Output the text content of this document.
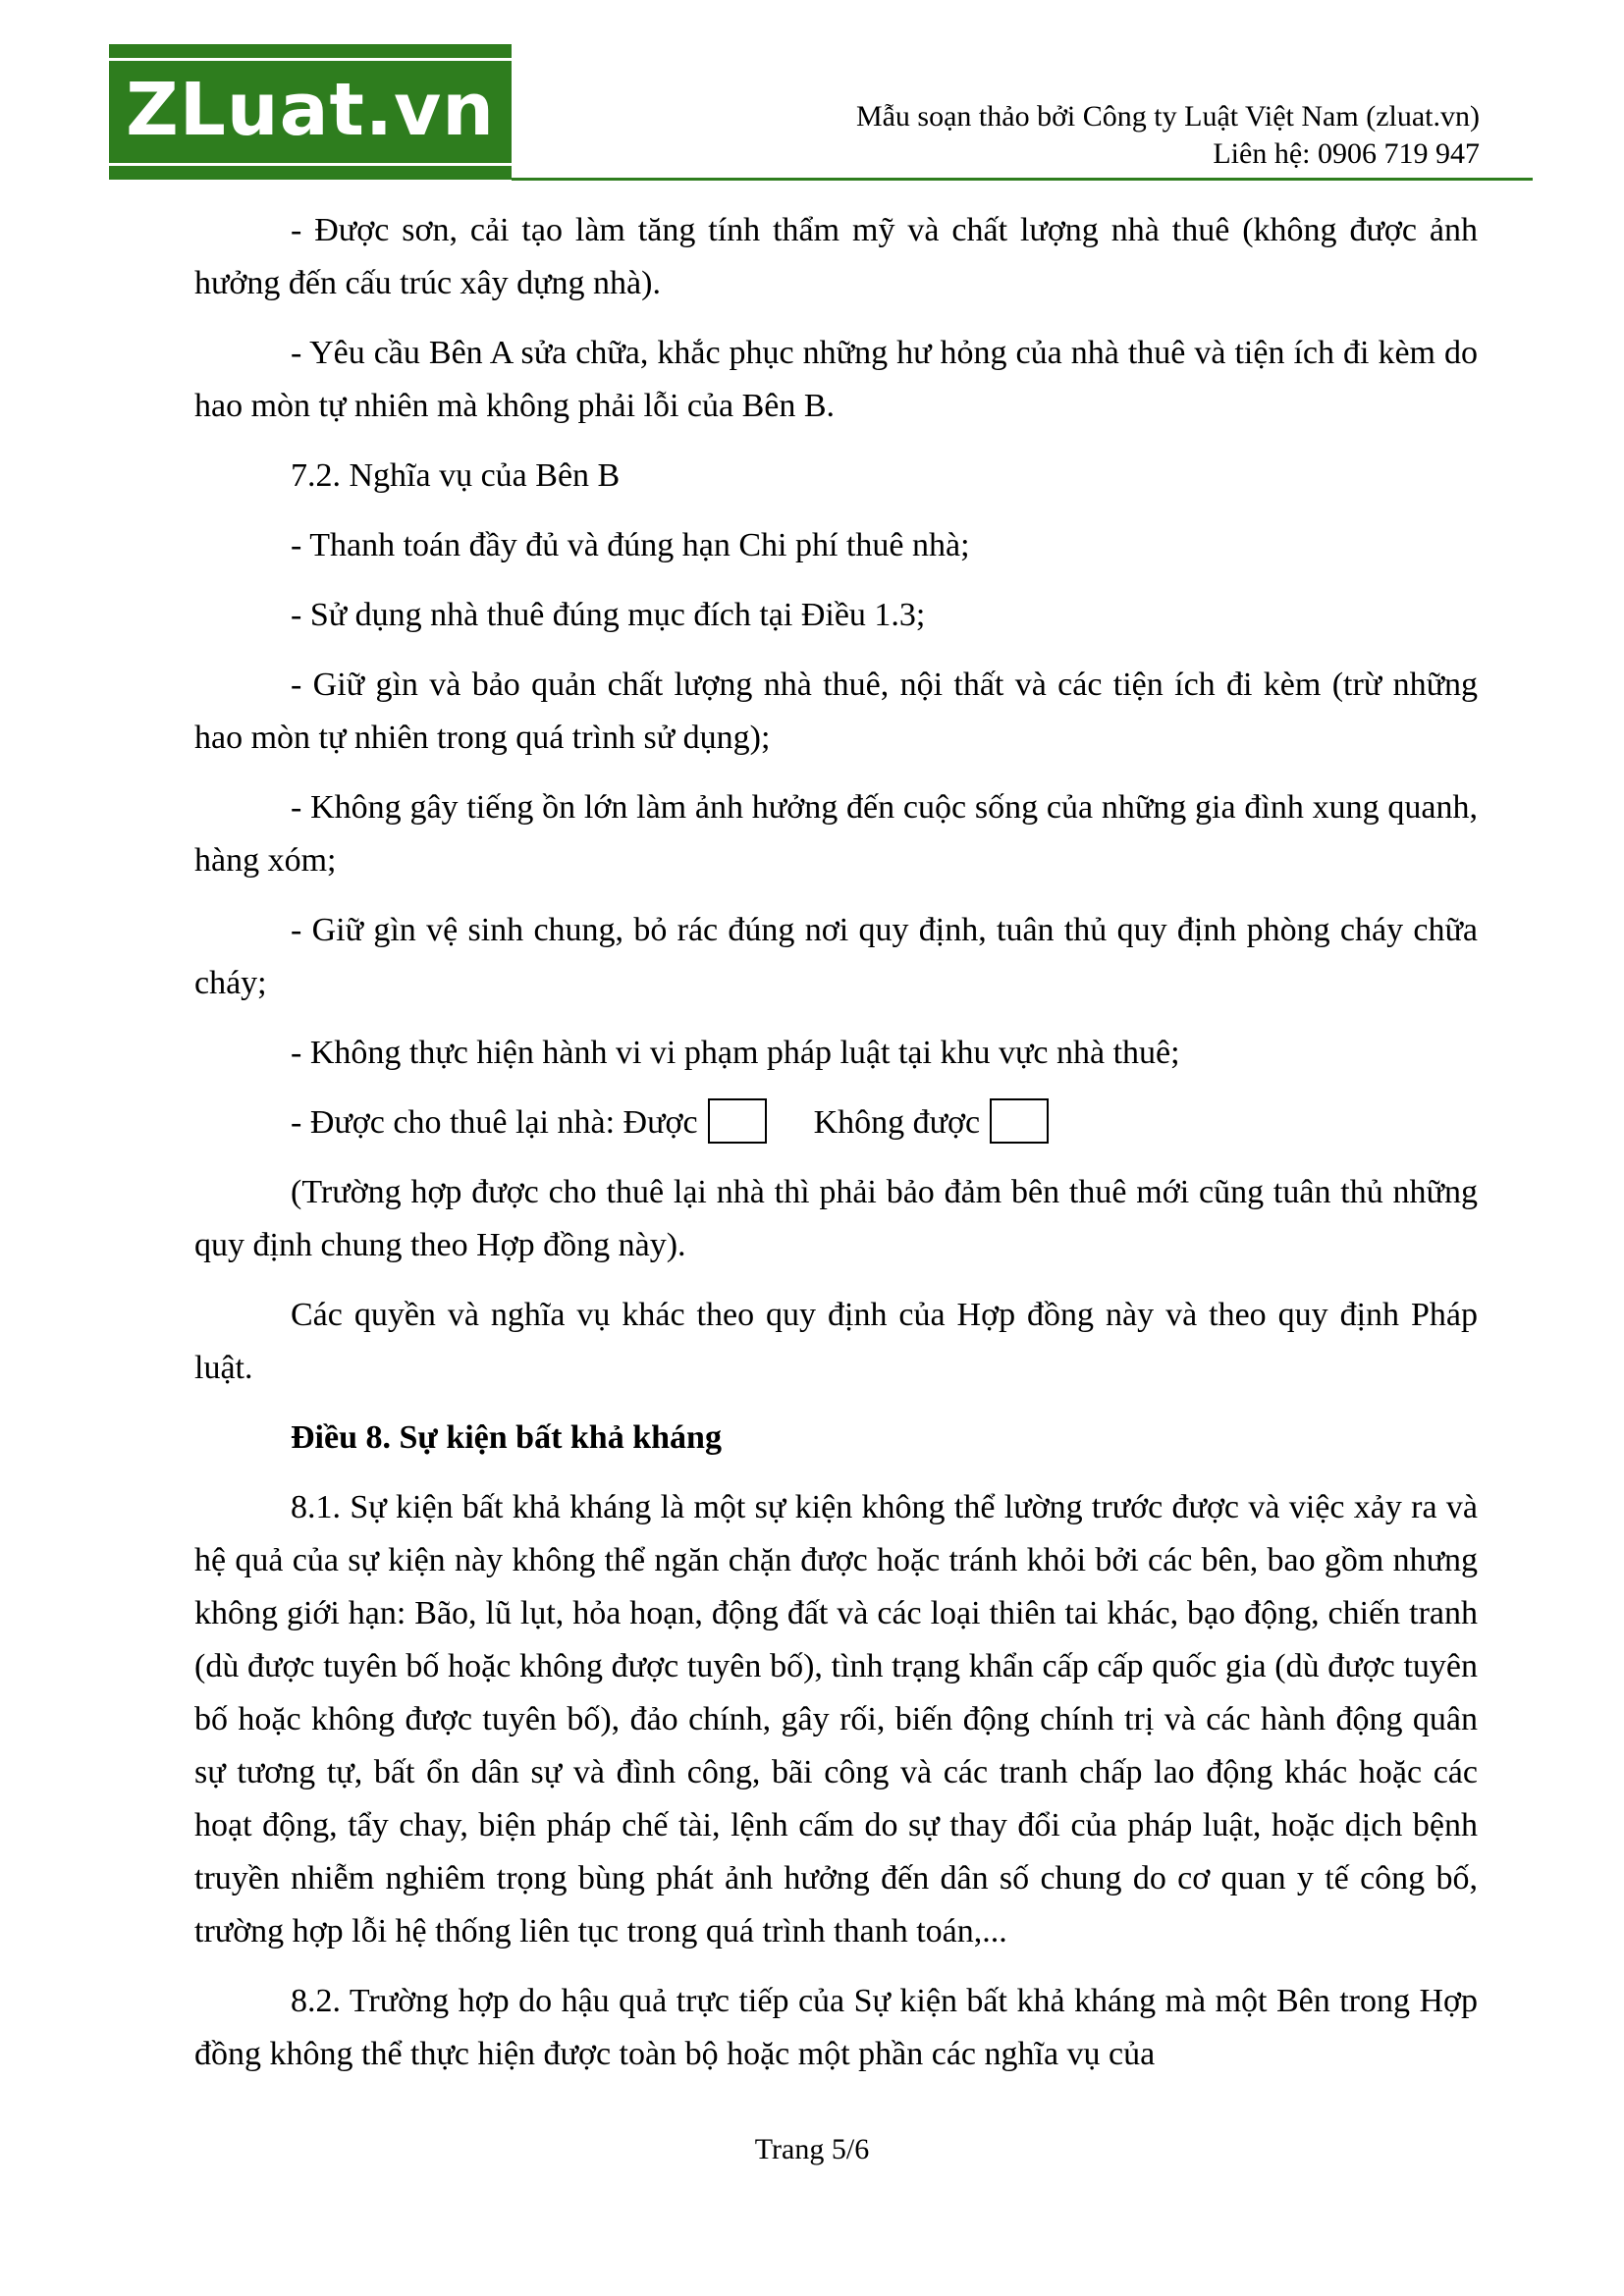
ZLuat.vn	Mẫu soạn thảo bởi Công ty Luật Việt Nam (zluat.vn)
Liên hệ: 0906 719 947

- Được sơn, cải tạo làm tăng tính thẩm mỹ và chất lượng nhà thuê (không được ảnh hưởng đến cấu trúc xây dựng nhà).

- Yêu cầu Bên A sửa chữa, khắc phục những hư hỏng của nhà thuê và tiện ích đi kèm do hao mòn tự nhiên mà không phải lỗi của Bên B.

7.2. Nghĩa vụ của Bên B

- Thanh toán đầy đủ và đúng hạn Chi phí thuê nhà;

- Sử dụng nhà thuê đúng mục đích tại Điều 1.3;

- Giữ gìn và bảo quản chất lượng nhà thuê, nội thất và các tiện ích đi kèm (trừ những hao mòn tự nhiên trong quá trình sử dụng);

- Không gây tiếng ồn lớn làm ảnh hưởng đến cuộc sống của những gia đình xung quanh, hàng xóm;

- Giữ gìn vệ sinh chung, bỏ rác đúng nơi quy định, tuân thủ quy định phòng cháy chữa cháy;

- Không thực hiện hành vi vi phạm pháp luật tại khu vực nhà thuê;

- Được cho thuê lại nhà: Được	Không được

(Trường hợp được cho thuê lại nhà thì phải bảo đảm bên thuê mới cũng tuân thủ những quy định chung theo Hợp đồng này).

Các quyền và nghĩa vụ khác theo quy định của Hợp đồng này và theo quy định Pháp luật.

Điều 8. Sự kiện bất khả kháng

8.1. Sự kiện bất khả kháng là một sự kiện không thể lường trước được và việc xảy ra và hệ quả của sự kiện này không thể ngăn chặn được hoặc tránh khỏi bởi các bên, bao gồm nhưng không giới hạn: Bão, lũ lụt, hỏa hoạn, động đất và các loại thiên tai khác, bạo động, chiến tranh (dù được tuyên bố hoặc không được tuyên bố), tình trạng khẩn cấp cấp quốc gia (dù được tuyên bố hoặc không được tuyên bố), đảo chính, gây rối, biến động chính trị và các hành động quân sự tương tự, bất ổn dân sự và đình công, bãi công và các tranh chấp lao động khác hoặc các hoạt động, tẩy chay, biện pháp chế tài, lệnh cấm do sự thay đổi của pháp luật, hoặc dịch bệnh truyền nhiễm nghiêm trọng bùng phát ảnh hưởng đến dân số chung do cơ quan y tế công bố, trường hợp lỗi hệ thống liên tục trong quá trình thanh toán,...

8.2. Trường hợp do hậu quả trực tiếp của Sự kiện bất khả kháng mà một Bên trong Hợp đồng không thể thực hiện được toàn bộ hoặc một phần các nghĩa vụ của

Trang 5/6
